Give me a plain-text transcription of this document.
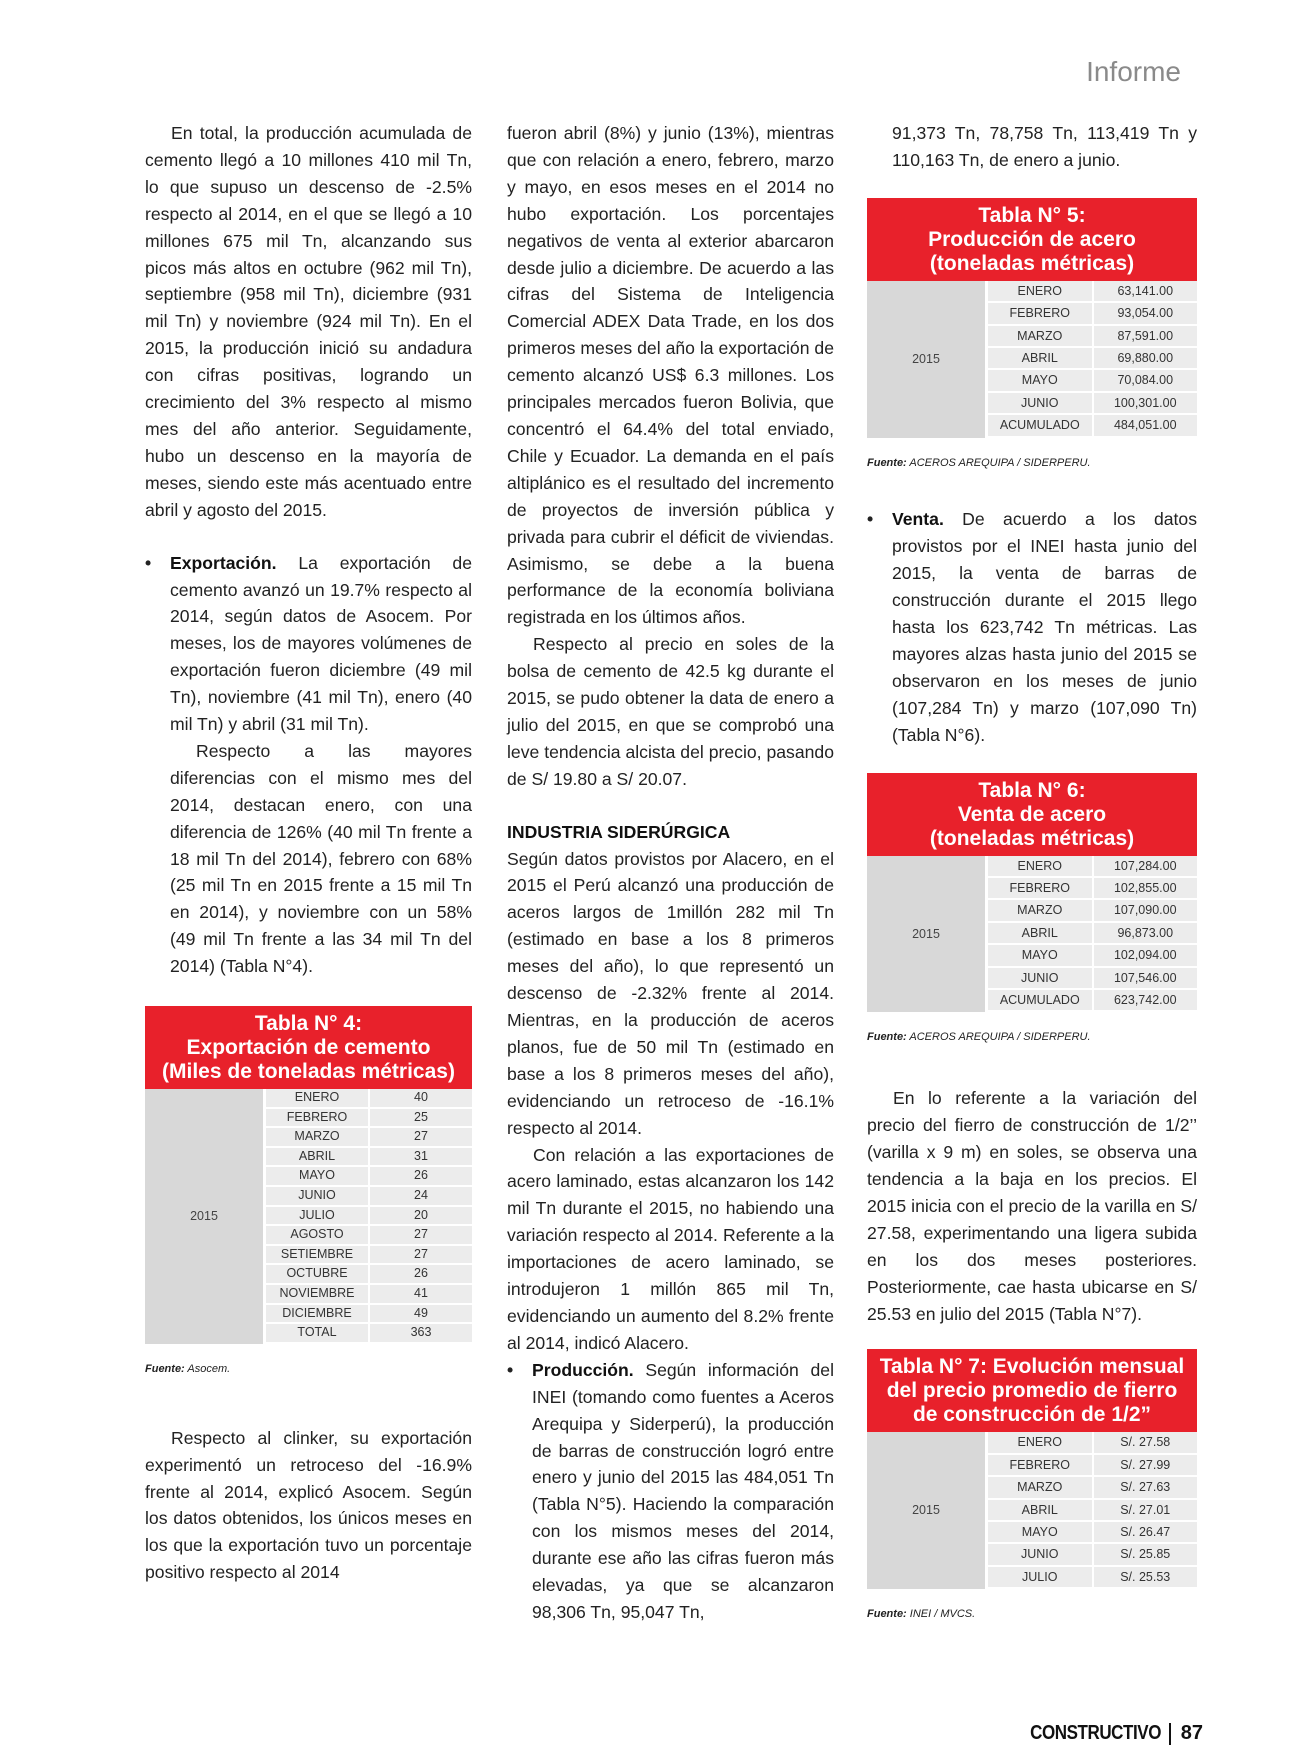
Informe

En total, la producción acumulada de cemento llegó a 10 millones 410 mil Tn, lo que supuso un descenso de -2.5% respecto al 2014, en el que se llegó a 10 millones 675 mil Tn, alcanzando sus picos más altos en octubre (962 mil Tn), septiembre (958 mil Tn), diciembre (931 mil Tn) y noviembre (924 mil Tn). En el 2015, la producción inició su andadura con cifras positivas, logrando un crecimiento del 3% respecto al mismo mes del año anterior. Seguidamente, hubo un descenso en la mayoría de meses, siendo este más acentuado entre abril y agosto del 2015.

• Exportación. La exportación de cemento avanzó un 19.7% respecto al 2014, según datos de Asocem. Por meses, los de mayores volúmenes de exportación fueron diciembre (49 mil Tn), noviembre (41 mil Tn), enero (40 mil Tn) y abril (31 mil Tn).

Respecto a las mayores diferencias con el mismo mes del 2014, destacan enero, con una diferencia de 126% (40 mil Tn frente a 18 mil Tn del 2014), febrero con 68% (25 mil Tn en 2015 frente a 15 mil Tn en 2014), y noviembre con un 58% (49 mil Tn frente a las 34 mil Tn del 2014) (Tabla N°4).

Tabla N° 4:
Exportación de cemento
(Miles de toneladas métricas)
2015
ENERO	40
FEBRERO	25
MARZO	27
ABRIL	31
MAYO	26
JUNIO	24
JULIO	20
AGOSTO	27
SETIEMBRE	27
OCTUBRE	26
NOVIEMBRE	41
DICIEMBRE	49
TOTAL	363
Fuente: Asocem.

Respecto al clinker, su exportación experimentó un retroceso del -16.9% frente al 2014, explicó Asocem. Según los datos obtenidos, los únicos meses en los que la exportación tuvo un porcentaje positivo respecto al 2014

fueron abril (8%) y junio (13%), mientras que con relación a enero, febrero, marzo y mayo, en esos meses en el 2014 no hubo exportación. Los porcentajes negativos de venta al exterior abarcaron desde julio a diciembre. De acuerdo a las cifras del Sistema de Inteligencia Comercial ADEX Data Trade, en los dos primeros meses del año la exportación de cemento alcanzó US$ 6.3 millones. Los principales mercados fueron Bolivia, que concentró el 64.4% del total enviado, Chile y Ecuador. La demanda en el país altiplánico es el resultado del incremento de proyectos de inversión pública y privada para cubrir el déficit de viviendas. Asimismo, se debe a la buena performance de la economía boliviana registrada en los últimos años.

Respecto al precio en soles de la bolsa de cemento de 42.5 kg durante el 2015, se pudo obtener la data de enero a julio del 2015, en que se comprobó una leve tendencia alcista del precio, pasando de S/ 19.80 a S/ 20.07.

INDUSTRIA SIDERÚRGICA

Según datos provistos por Alacero, en el 2015 el Perú alcanzó una producción de aceros largos de 1millón 282 mil Tn (estimado en base a los 8 primeros meses del año), lo que representó un descenso de -2.32% frente al 2014. Mientras, en la producción de aceros planos, fue de 50 mil Tn (estimado en base a los 8 primeros meses del año), evidenciando un retroceso de -16.1% respecto al 2014.

Con relación a las exportaciones de acero laminado, estas alcanzaron los 142 mil Tn durante el 2015, no habiendo una variación respecto al 2014. Referente a la importaciones de acero laminado, se introdujeron 1 millón 865 mil Tn, evidenciando un aumento del 8.2% frente al 2014, indicó Alacero.

• Producción. Según información del INEI (tomando como fuentes a Aceros Arequipa y Siderperú), la producción de barras de construcción logró entre enero y junio del 2015 las 484,051 Tn (Tabla N°5). Haciendo la comparación con los mismos meses del 2014, durante ese año las cifras fueron más elevadas, ya que se alcanzaron 98,306 Tn, 95,047 Tn,

91,373 Tn, 78,758 Tn, 113,419 Tn y 110,163 Tn, de enero a junio.

Tabla N° 5:
Producción de acero
(toneladas métricas)
2015
ENERO	63,141.00
FEBRERO	93,054.00
MARZO	87,591.00
ABRIL	69,880.00
MAYO	70,084.00
JUNIO	100,301.00
ACUMULADO	484,051.00
Fuente: ACEROS AREQUIPA / SIDERPERU.

• Venta. De acuerdo a los datos provistos por el INEI hasta junio del 2015, la venta de barras de construcción durante el 2015 llego hasta los 623,742 Tn métricas. Las mayores alzas hasta junio del 2015 se observaron en los meses de junio (107,284 Tn) y marzo (107,090 Tn) (Tabla N°6).

Tabla N° 6:
Venta de acero
(toneladas métricas)
2015
ENERO	107,284.00
FEBRERO	102,855.00
MARZO	107,090.00
ABRIL	96,873.00
MAYO	102,094.00
JUNIO	107,546.00
ACUMULADO	623,742.00
Fuente: ACEROS AREQUIPA / SIDERPERU.

En lo referente a la variación del precio del fierro de construcción de 1/2’’ (varilla x 9 m) en soles, se observa una tendencia a la baja en los precios. El 2015 inicia con el precio de la varilla en S/ 27.58, experimentando una ligera subida en los dos meses posteriores. Posteriormente, cae hasta ubicarse en S/ 25.53 en julio del 2015 (Tabla N°7).

Tabla N° 7: Evolución mensual
del precio promedio de fierro
de construcción de 1/2”
2015
ENERO	S/. 27.58
FEBRERO	S/. 27.99
MARZO	S/. 27.63
ABRIL	S/. 27.01
MAYO	S/. 26.47
JUNIO	S/. 25.85
JULIO	S/. 25.53
Fuente: INEI / MVCS.
CONSTRUCTIVO 87
